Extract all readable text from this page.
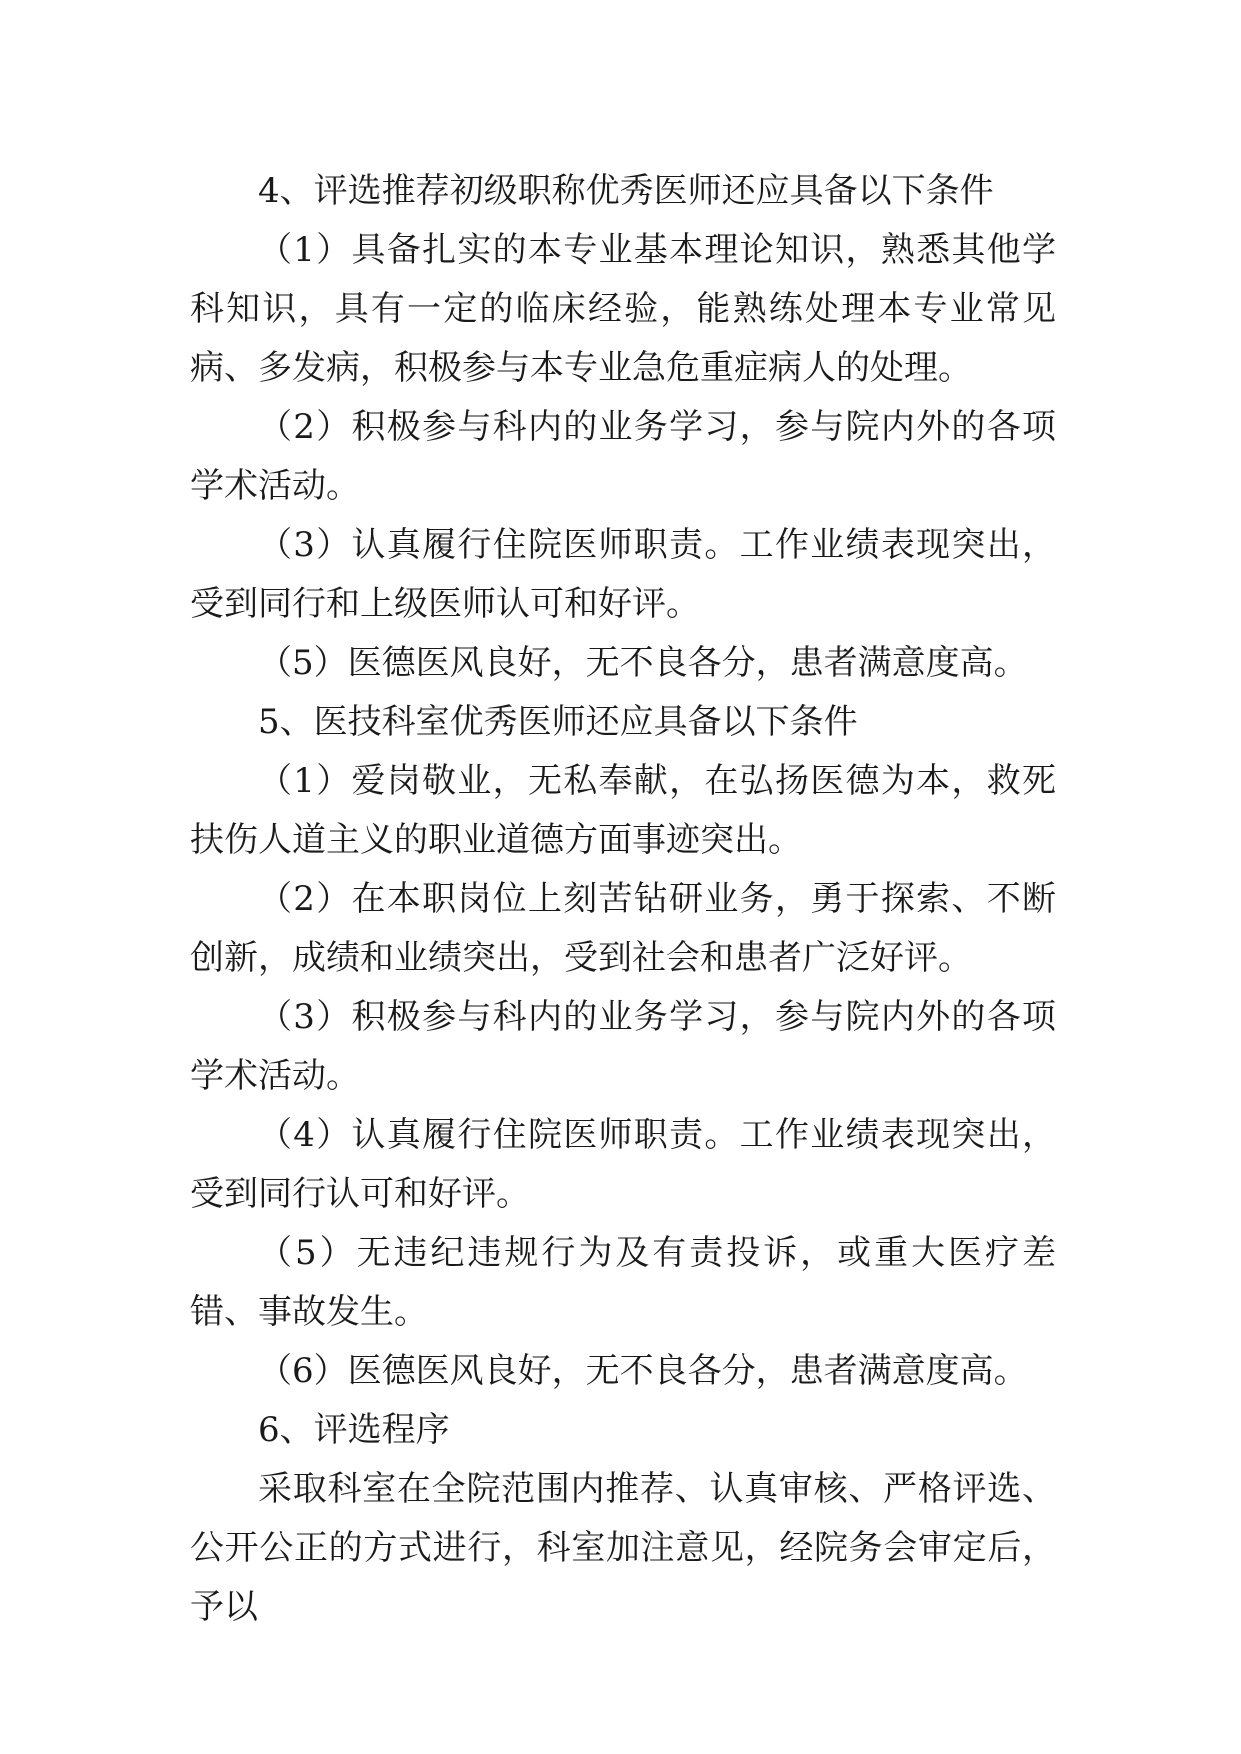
4、评选推荐初级职称优秀医师还应具备以下条件

（1）具备扎实的本专业基本理论知识，熟悉其他学科知识，具有一定的临床经验，能熟练处理本专业常见病、多发病，积极参与本专业急危重症病人的处理。

（2）积极参与科内的业务学习，参与院内外的各项学术活动。

（3）认真履行住院医师职责。工作业绩表现突出，受到同行和上级医师认可和好评。

（5）医德医风良好，无不良各分，患者满意度高。

5、医技科室优秀医师还应具备以下条件

（1）爱岗敬业，无私奉献，在弘扬医德为本，救死扶伤人道主义的职业道德方面事迹突出。

（2）在本职岗位上刻苦钻研业务，勇于探索、不断创新，成绩和业绩突出，受到社会和患者广泛好评。

（3）积极参与科内的业务学习，参与院内外的各项学术活动。

（4）认真履行住院医师职责。工作业绩表现突出，受到同行认可和好评。

（5）无违纪违规行为及有责投诉，或重大医疗差错、事故发生。

（6）医德医风良好，无不良各分，患者满意度高。

6、评选程序

采取科室在全院范围内推荐、认真审核、严格评选、公开公正的方式进行，科室加注意见，经院务会审定后，予以
